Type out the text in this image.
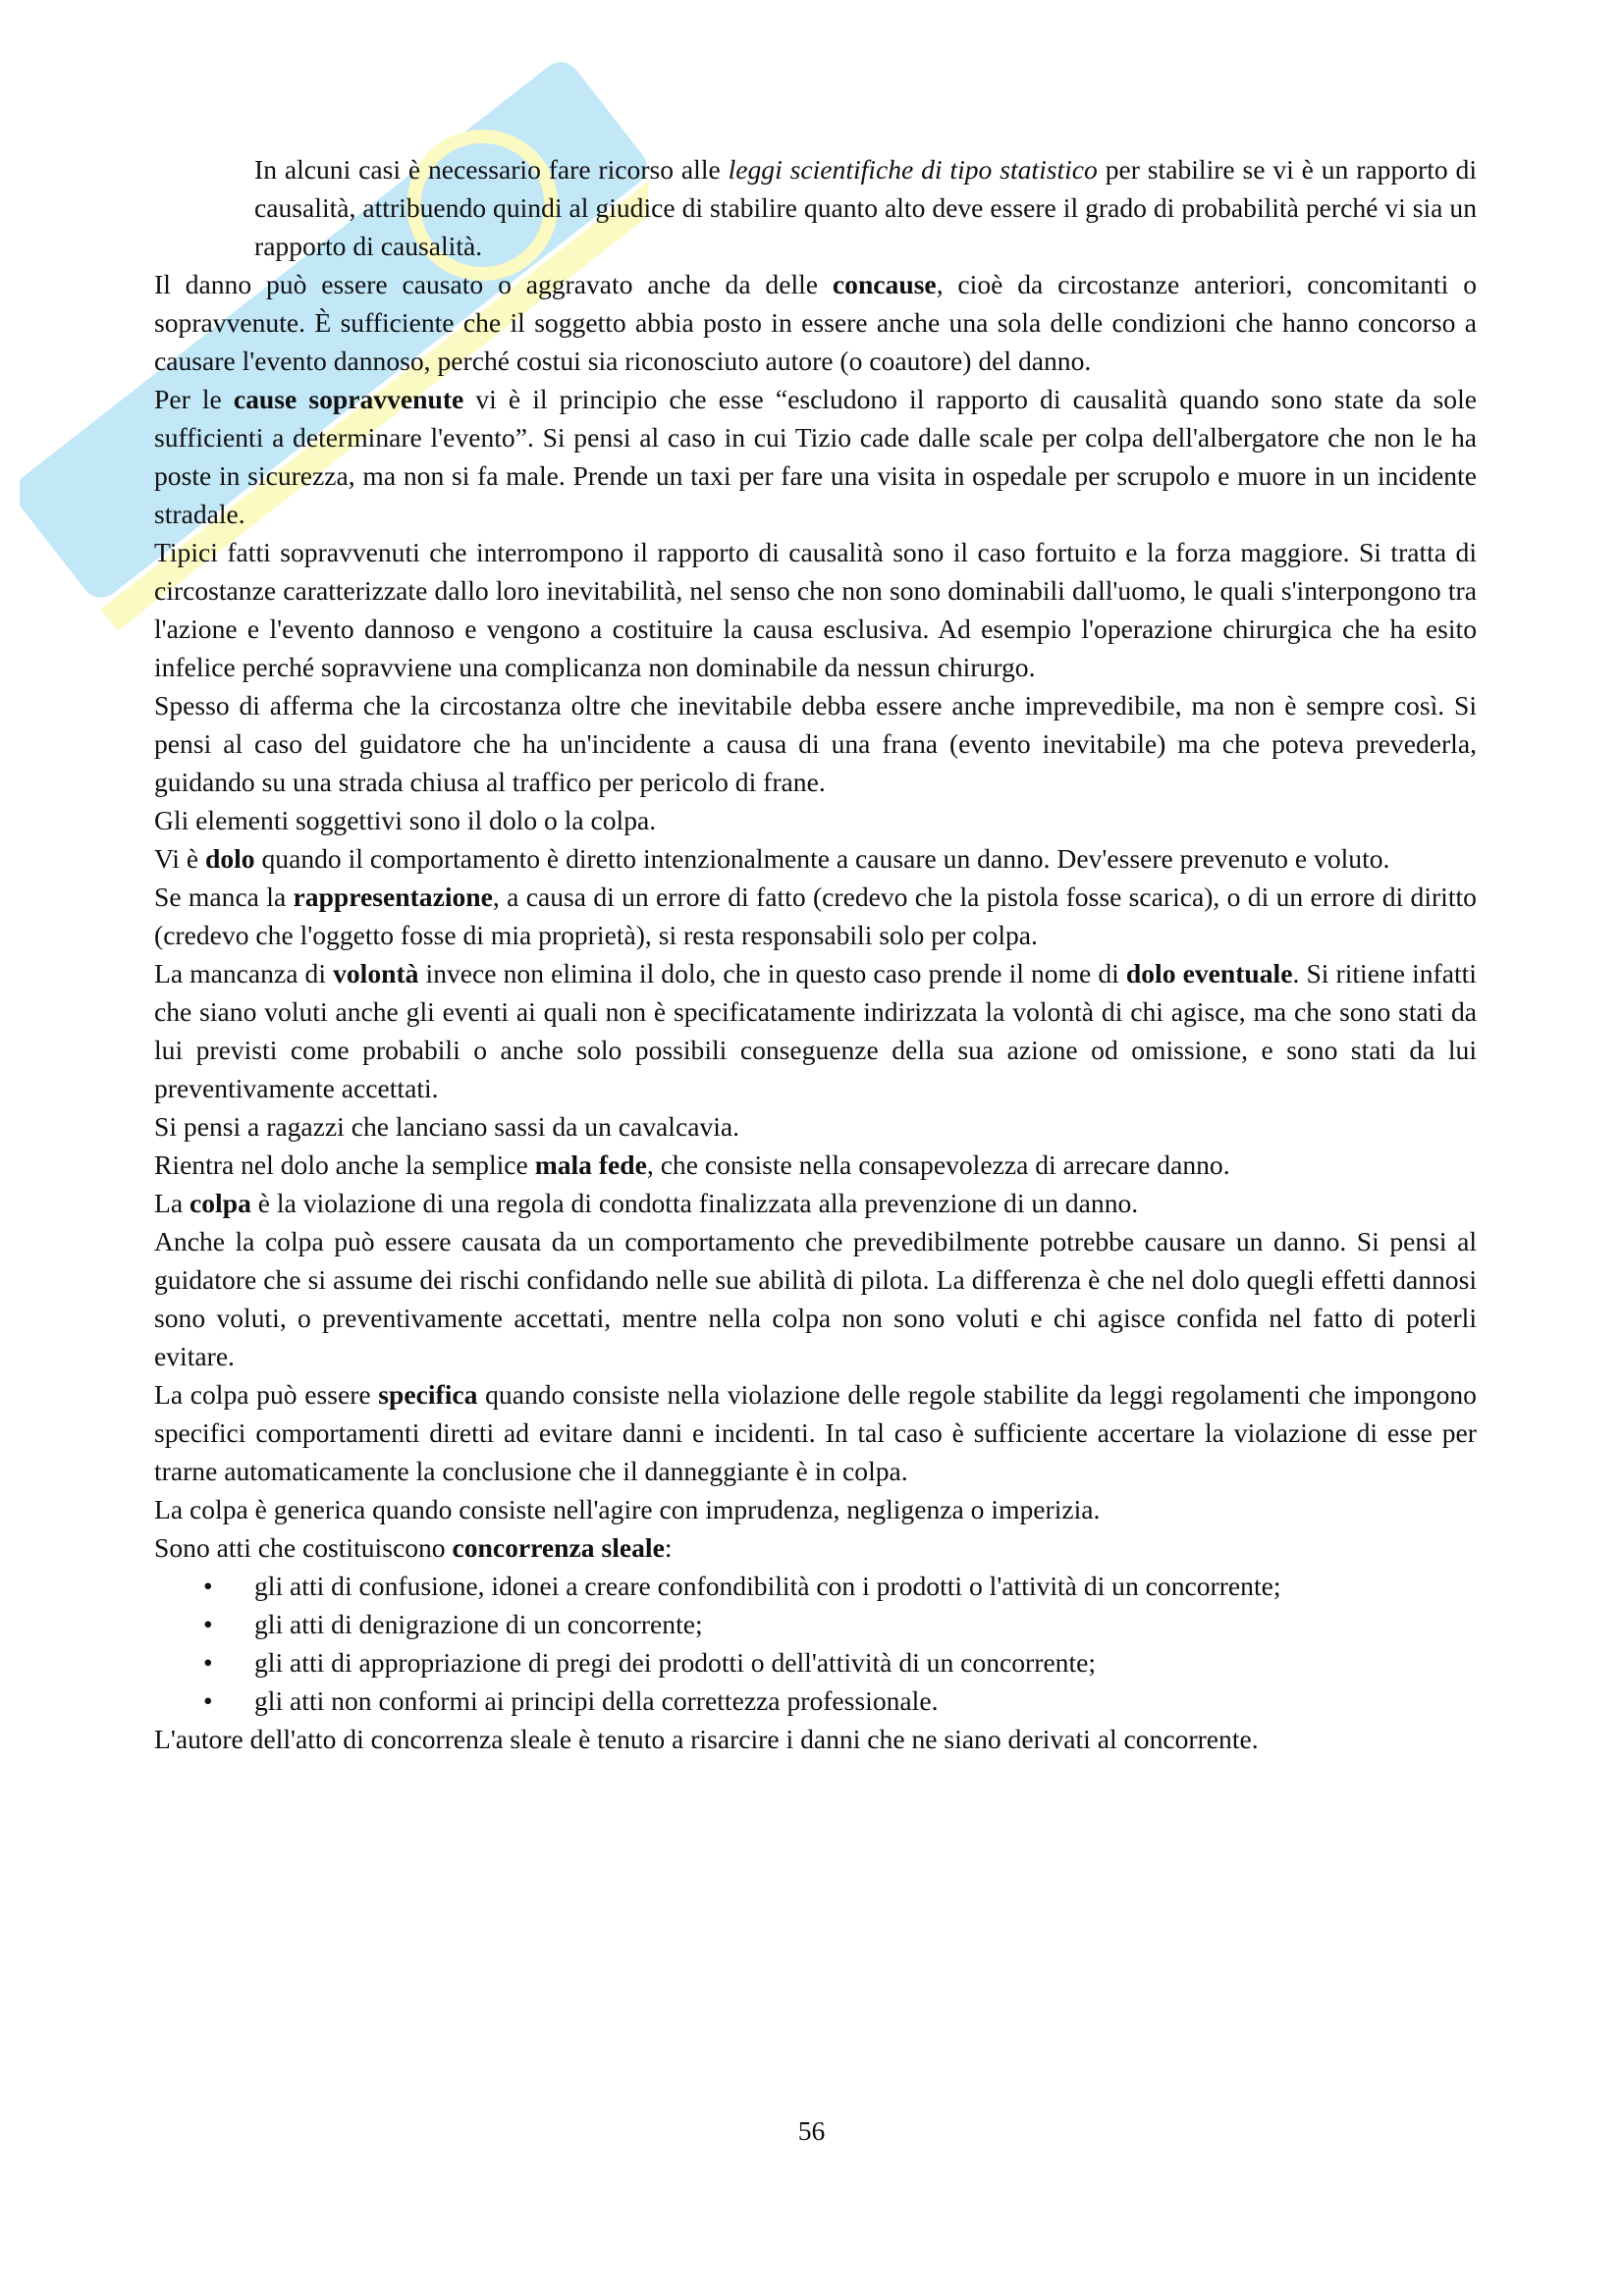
In alcuni casi è necessario fare ricorso alle leggi scientifiche di tipo statistico per stabilire se vi è un rapporto di causalità, attribuendo quindi al giudice di stabilire quanto alto deve essere il grado di probabilità perché vi sia un rapporto di causalità.

Il danno può essere causato o aggravato anche da delle concause, cioè da circostanze anteriori, concomitanti o sopravvenute. È sufficiente che il soggetto abbia posto in essere anche una sola delle condizioni che hanno concorso a causare l'evento dannoso, perché costui sia riconosciuto autore (o coautore) del danno.

Per le cause sopravvenute vi è il principio che esse “escludono il rapporto di causalità quando sono state da sole sufficienti a determinare l'evento”. Si pensi al caso in cui Tizio cade dalle scale per colpa dell'albergatore che non le ha poste in sicurezza, ma non si fa male. Prende un taxi per fare una visita in ospedale per scrupolo e muore in un incidente stradale.

Tipici fatti sopravvenuti che interrompono il rapporto di causalità sono il caso fortuito e la forza maggiore. Si tratta di circostanze caratterizzate dallo loro inevitabilità, nel senso che non sono dominabili dall'uomo, le quali s'interpongono tra l'azione e l'evento dannoso e vengono a costituire la causa esclusiva. Ad esempio l'operazione chirurgica che ha esito infelice perché sopravviene una complicanza non dominabile da nessun chirurgo.

Spesso di afferma che la circostanza oltre che inevitabile debba essere anche imprevedibile, ma non è sempre così. Si pensi al caso del guidatore che ha un'incidente a causa di una frana (evento inevitabile) ma che poteva prevederla, guidando su una strada chiusa al traffico per pericolo di frane.

Gli elementi soggettivi sono il dolo o la colpa.

Vi è dolo quando il comportamento è diretto intenzionalmente a causare un danno. Dev'essere prevenuto e voluto.

Se manca la rappresentazione, a causa di un errore di fatto (credevo che la pistola fosse scarica), o di un errore di diritto (credevo che l'oggetto fosse di mia proprietà), si resta responsabili solo per colpa.

La mancanza di volontà invece non elimina il dolo, che in questo caso prende il nome di dolo eventuale. Si ritiene infatti che siano voluti anche gli eventi ai quali non è specificatamente indirizzata la volontà di chi agisce, ma che sono stati da lui previsti come probabili o anche solo possibili conseguenze della sua azione od omissione, e sono stati da lui preventivamente accettati.

Si pensi a ragazzi che lanciano sassi da un cavalcavia.

Rientra nel dolo anche la semplice mala fede, che consiste nella consapevolezza di arrecare danno.

La colpa è la violazione di una regola di condotta finalizzata alla prevenzione di un danno.

Anche la colpa può essere causata da un comportamento che prevedibilmente potrebbe causare un danno. Si pensi al guidatore che si assume dei rischi confidando nelle sue abilità di pilota. La differenza è che nel dolo quegli effetti dannosi sono voluti, o preventivamente accettati, mentre nella colpa non sono voluti e chi agisce confida nel fatto di poterli evitare.

La colpa può essere specifica quando consiste nella violazione delle regole stabilite da leggi regolamenti che impongono specifici comportamenti diretti ad evitare danni e incidenti. In tal caso è sufficiente accertare la violazione di esse per trarne automaticamente la conclusione che il danneggiante è in colpa.

La colpa è generica quando consiste nell'agire con imprudenza, negligenza o imperizia.

Sono atti che costituiscono concorrenza sleale:

• gli atti di confusione, idonei a creare confondibilità con i prodotti o l'attività di un concorrente;
• gli atti di denigrazione di un concorrente;
• gli atti di appropriazione di pregi dei prodotti o dell'attività di un concorrente;
• gli atti non conformi ai principi della correttezza professionale.

L'autore dell'atto di concorrenza sleale è tenuto a risarcire i danni che ne siano derivati al concorrente.

56
